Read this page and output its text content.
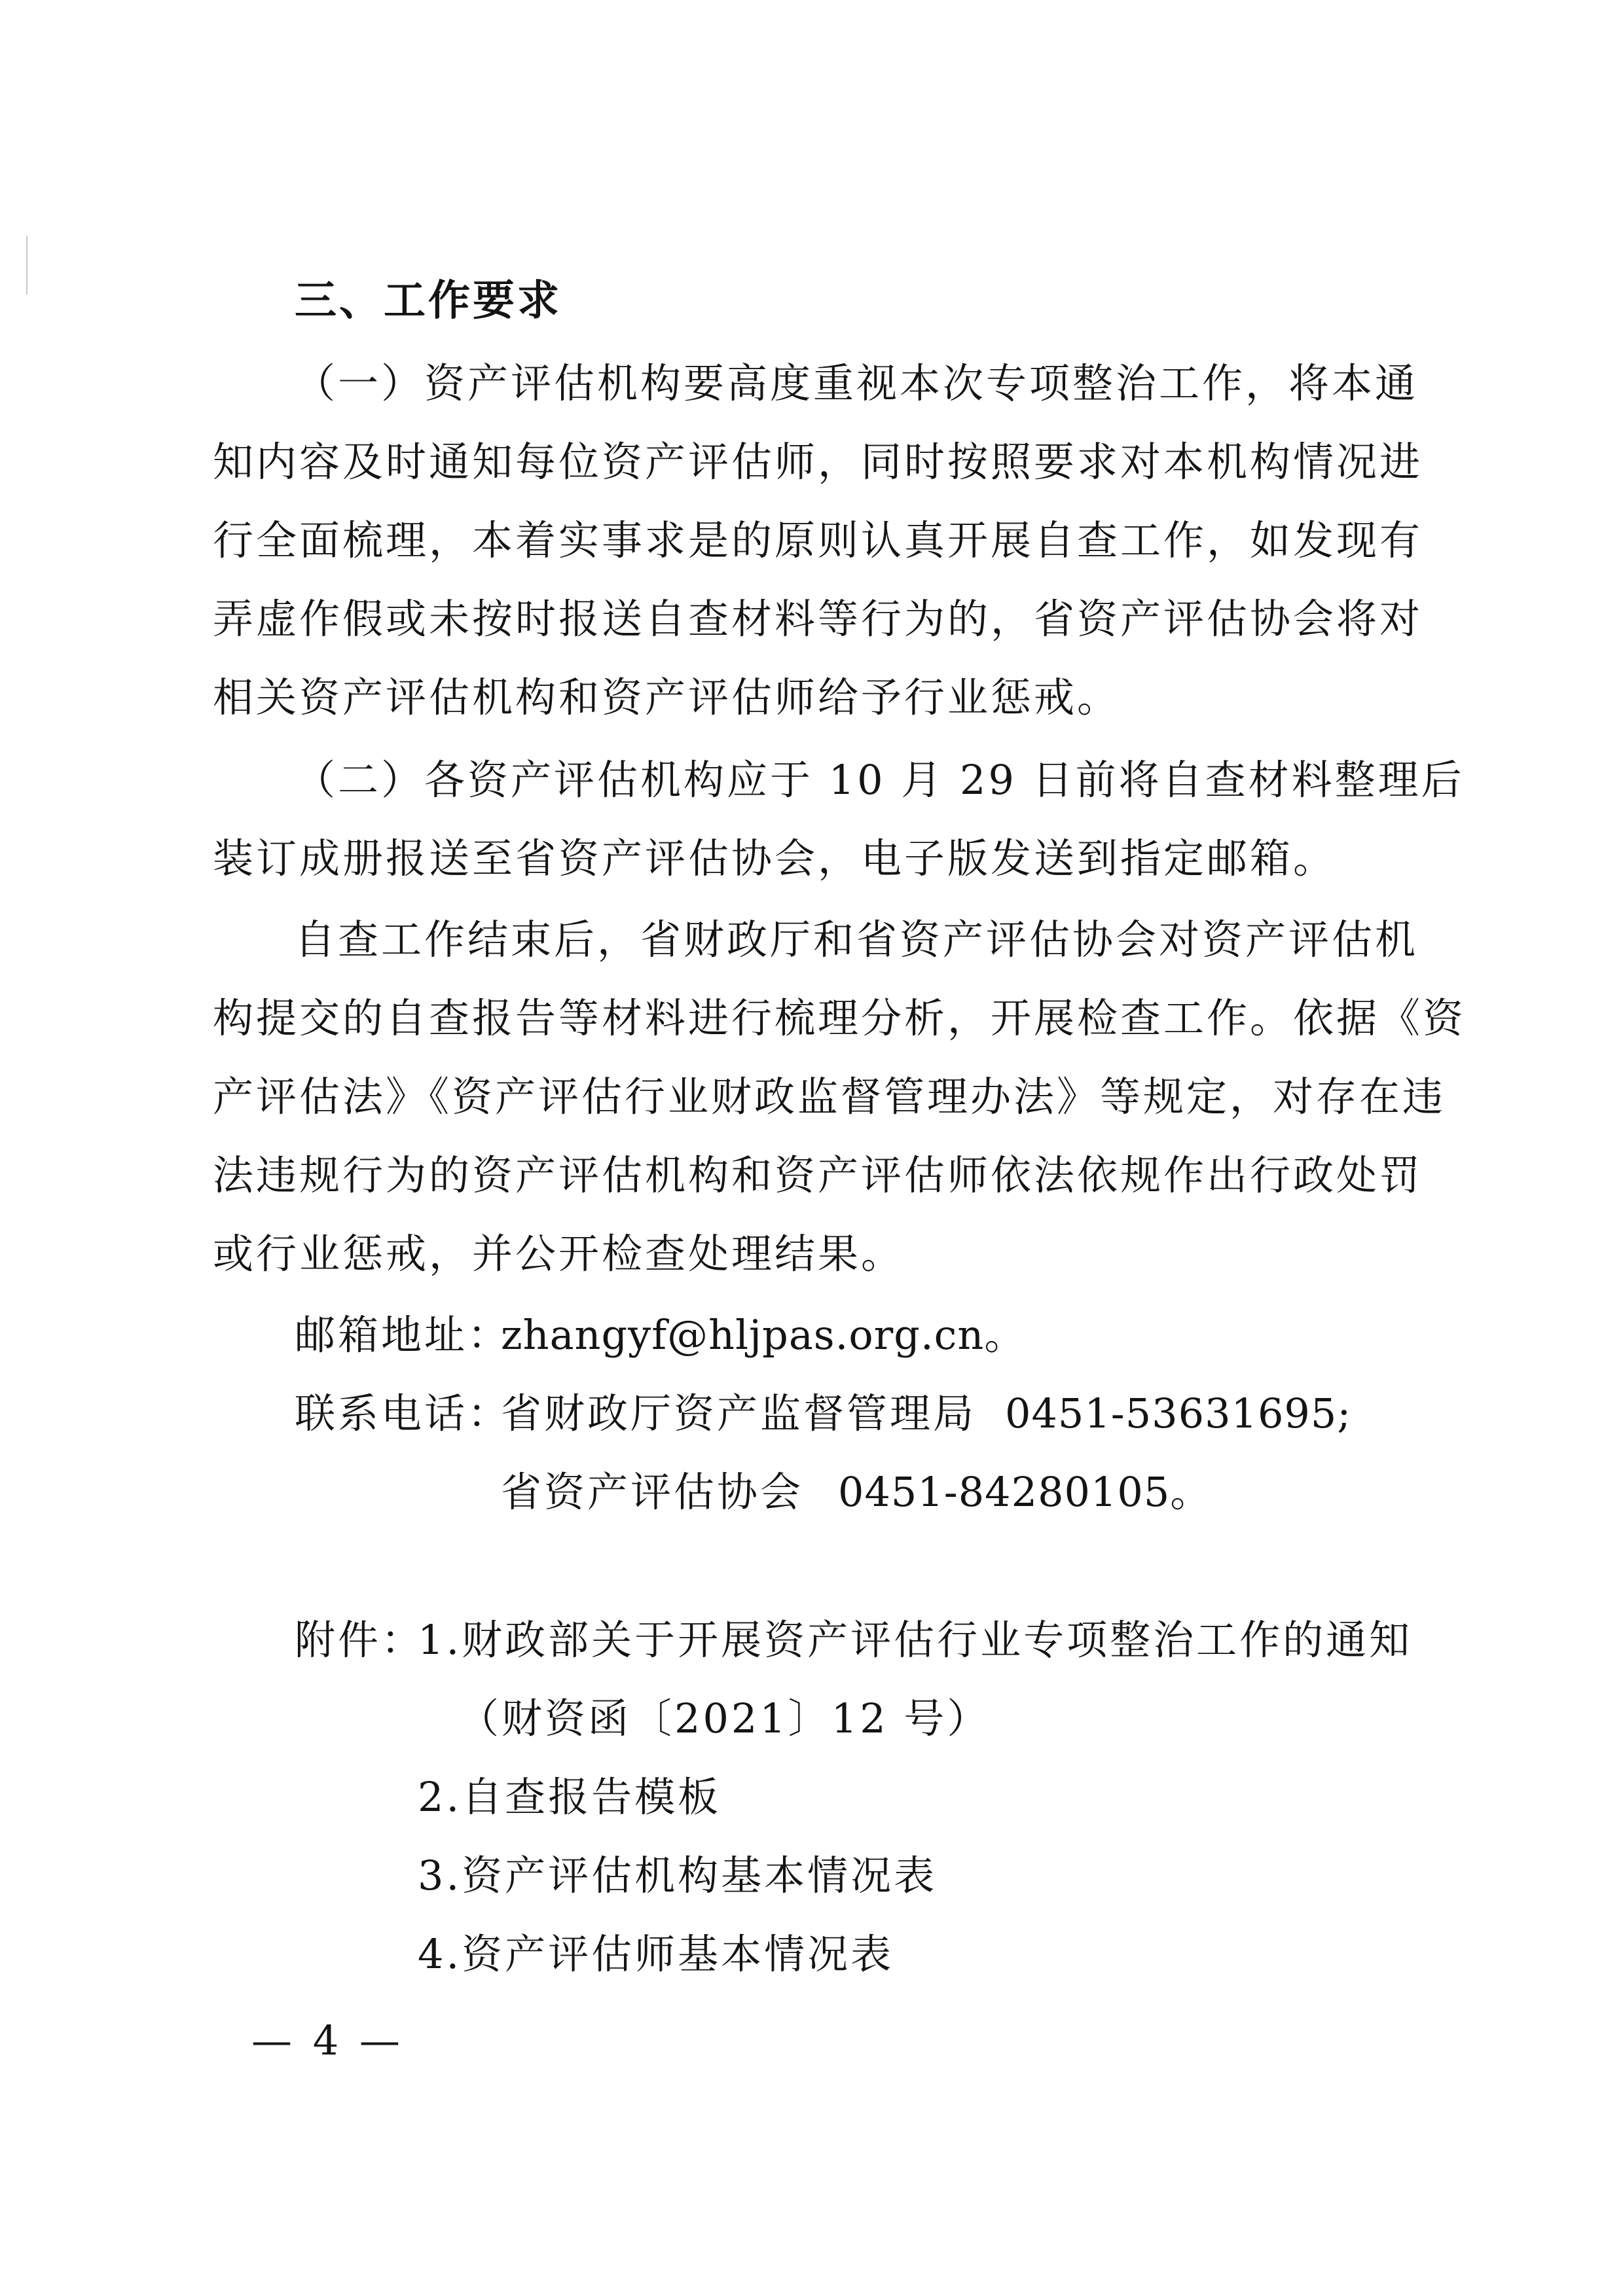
三、工作要求
（一）资产评估机构要高度重视本次专项整治工作，将本通
知内容及时通知每位资产评估师，同时按照要求对本机构情况进
行全面梳理，本着实事求是的原则认真开展自查工作，如发现有
弄虚作假或未按时报送自查材料等行为的，省资产评估协会将对
相关资产评估机构和资产评估师给予行业惩戒。
（二）各资产评估机构应于 10 月 29 日前将自查材料整理后
装订成册报送至省资产评估协会，电子版发送到指定邮箱。
自查工作结束后，省财政厅和省资产评估协会对资产评估机
构提交的自查报告等材料进行梳理分析，开展检查工作。依据《资
产评估法》《资产评估行业财政监督管理办法》等规定，对存在违
法违规行为的资产评估机构和资产评估师依法依规作出行政处罚
或行业惩戒，并公开检查处理结果。
邮箱地址：
zhangyf@hljpas.org.cn。
联系电话：
省财政厅资产监督管理局 0451-53631695;
省资产评估协会 0451-84280105。
附件：
1.财政部关于开展资产评估行业专项整治工作的通知
（财资函〔2021〕12 号）
2.自查报告模板
3.资产评估机构基本情况表
4.资产评估师基本情况表
— 4 —
